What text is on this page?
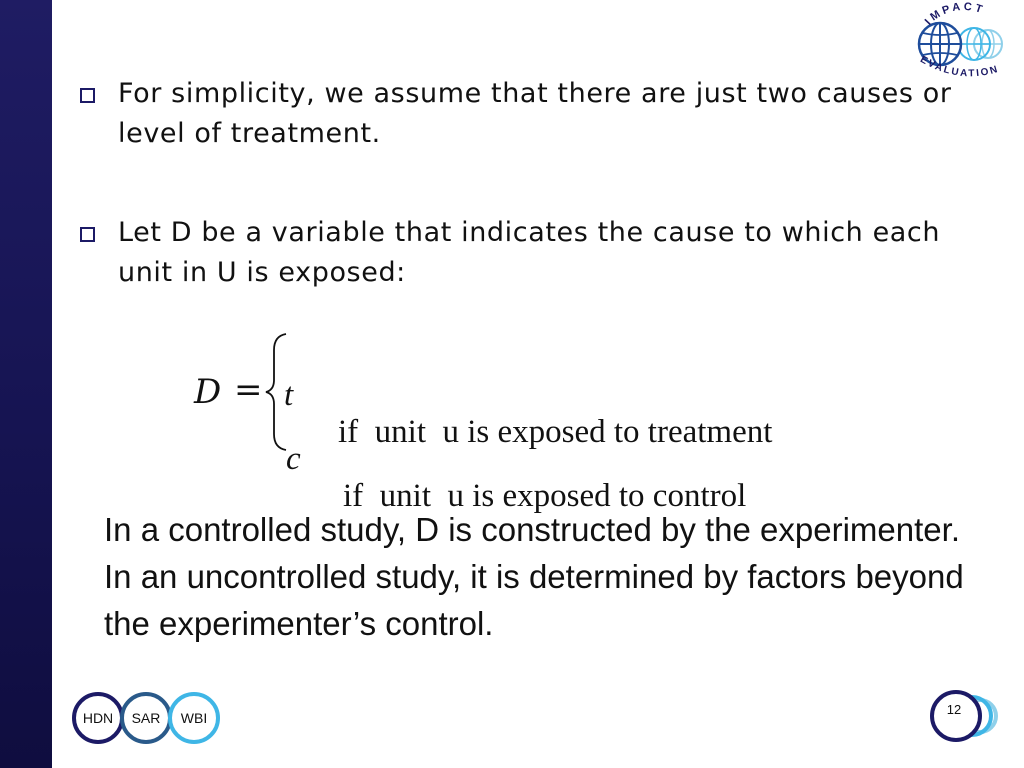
IMPACT
EVALUATION
For simplicity, we assume that there are just two causes or level of treatment.
Let D be a variable that indicates the cause to which each unit in U is exposed:
D =

t

if  unit  u is exposed to treatment

c

if  unit  u is exposed to control

In a controlled study, D is constructed by the experimenter. In an uncontrolled study, it is determined by factors beyond the experimenter’s control.
HDN SAR WBI
12
